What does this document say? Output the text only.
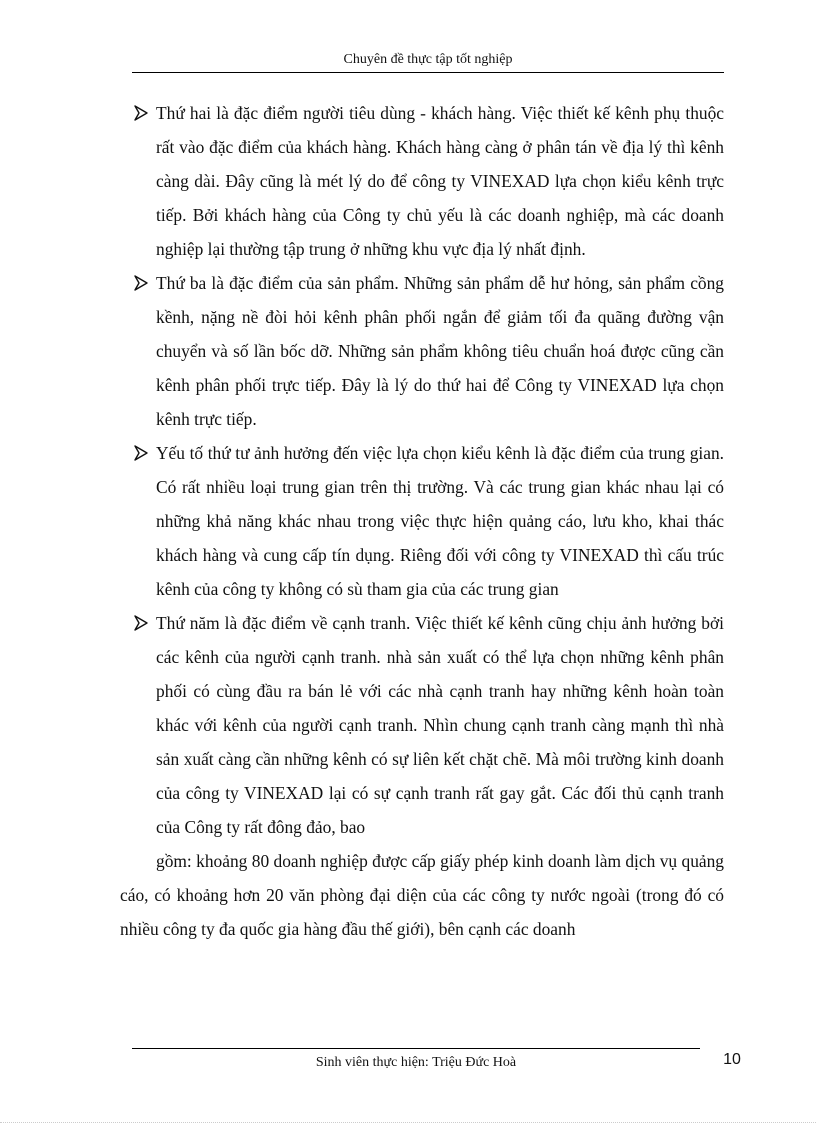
Chuyên đề thực tập tốt nghiệp

Thứ hai là đặc điểm người tiêu dùng - khách hàng. Việc thiết kế kênh phụ thuộc rất vào đặc điểm của khách hàng. Khách hàng càng ở phân tán về địa lý thì kênh càng dài. Đây cũng là mét lý do để công ty VINEXAD lựa chọn kiểu kênh trực tiếp. Bởi khách hàng của Công ty chủ yếu là các doanh nghiệp, mà các doanh nghiệp lại thường tập trung ở những khu vực địa lý nhất định.

Thứ ba là đặc điểm của sản phẩm. Những sản phẩm dễ hư hỏng, sản phẩm cồng kềnh, nặng nề đòi hỏi kênh phân phối ngắn để giảm tối đa quãng đường vận chuyển và số lần bốc dỡ. Những sản phẩm không tiêu chuẩn hoá được cũng cần kênh phân phối trực tiếp. Đây là lý do thứ hai để Công ty VINEXAD lựa chọn kênh trực tiếp.

Yếu tố thứ tư ảnh hưởng đến việc lựa chọn kiểu kênh là đặc điểm của trung gian. Có rất nhiều loại trung gian trên thị trường. Và các trung gian khác nhau lại có những khả năng khác nhau trong việc thực hiện quảng cáo, lưu kho, khai thác khách hàng và cung cấp tín dụng. Riêng đối với công ty VINEXAD thì cấu trúc kênh của công ty không có sù tham gia của các trung gian

Thứ năm là đặc điểm về cạnh tranh. Việc thiết kế kênh cũng chịu ảnh hưởng bởi các kênh của người cạnh tranh. nhà sản xuất có thể lựa chọn những kênh phân phối có cùng đầu ra bán lẻ với các nhà cạnh tranh hay những kênh hoàn toàn khác với kênh của người cạnh tranh. Nhìn chung cạnh tranh càng mạnh thì nhà sản xuất càng cần những kênh có sự liên kết chặt chẽ. Mà môi trường kinh doanh của công ty VINEXAD lại có sự cạnh tranh rất gay gắt. Các đối thủ cạnh tranh của Công ty rất đông đảo, bao

gồm: khoảng 80 doanh nghiệp được cấp giấy phép kinh doanh làm dịch vụ quảng cáo, có khoảng hơn 20 văn phòng đại diện của các công ty nước ngoài (trong đó có nhiều công ty đa quốc gia hàng đầu thế giới), bên cạnh các doanh

Sinh viên thực hiện: Triệu Đức Hoà	10
